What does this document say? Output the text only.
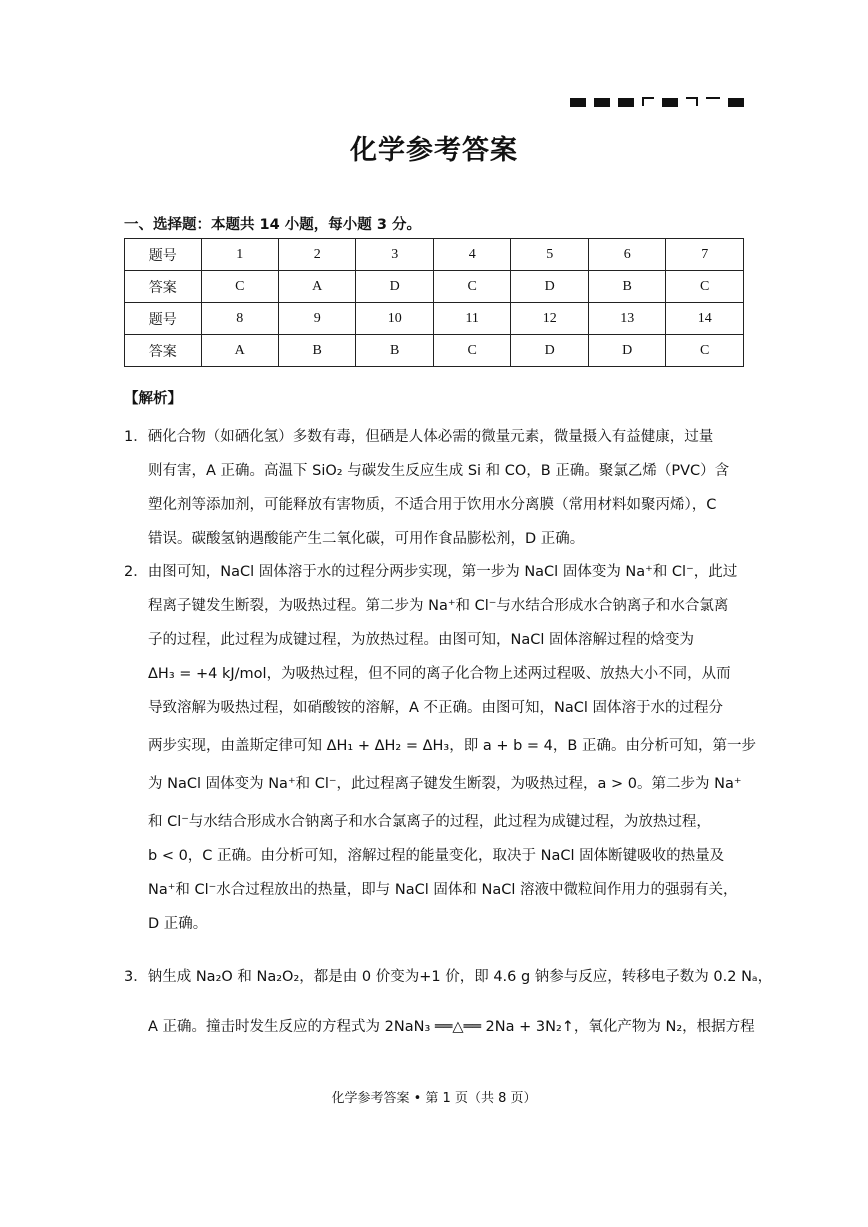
化学参考答案
一、选择题：本题共 14 小题，每小题 3 分。
题号	1	2	3	4	5	6	7
答案	C	A	D	C	D	B	C
题号	8	9	10	11	12	13	14
答案	A	B	B	C	D	D	C
【解析】
1．硒化合物（如硒化氢）多数有毒，但硒是人体必需的微量元素，微量摄入有益健康，过量
则有害，A 正确。高温下 SiO₂ 与碳发生反应生成 Si 和 CO，B 正确。聚氯乙烯（PVC）含
塑化剂等添加剂，可能释放有害物质，不适合用于饮用水分离膜（常用材料如聚丙烯），C
错误。碳酸氢钠遇酸能产生二氧化碳，可用作食品膨松剂，D 正确。
2．由图可知，NaCl 固体溶于水的过程分两步实现，第一步为 NaCl 固体变为 Na⁺和 Cl⁻，此过
程离子键发生断裂，为吸热过程。第二步为 Na⁺和 Cl⁻与水结合形成水合钠离子和水合氯离
子的过程，此过程为成键过程，为放热过程。由图可知，NaCl 固体溶解过程的焓变为
ΔH₃ = +4 kJ/mol，为吸热过程，但不同的离子化合物上述两过程吸、放热大小不同，从而
导致溶解为吸热过程，如硝酸铵的溶解，A 不正确。由图可知，NaCl 固体溶于水的过程分
两步实现，由盖斯定律可知 ΔH₁ + ΔH₂ = ΔH₃，即 a + b = 4，B 正确。由分析可知，第一步
为 NaCl 固体变为 Na⁺和 Cl⁻，此过程离子键发生断裂，为吸热过程，a > 0。第二步为 Na⁺
和 Cl⁻与水结合形成水合钠离子和水合氯离子的过程，此过程为成键过程，为放热过程，
b < 0，C 正确。由分析可知，溶解过程的能量变化，取决于 NaCl 固体断键吸收的热量及
Na⁺和 Cl⁻水合过程放出的热量，即与 NaCl 固体和 NaCl 溶液中微粒间作用力的强弱有关，
D 正确。
3．钠生成 Na₂O 和 Na₂O₂，都是由 0 价变为+1 价，即 4.6 g 钠参与反应，转移电子数为 0.2 Nₐ，
A 正确。撞击时发生反应的方程式为 2NaN₃ ══△══ 2Na + 3N₂↑，氧化产物为 N₂，根据方程
化学参考答案 • 第 1 页（共 8 页）
